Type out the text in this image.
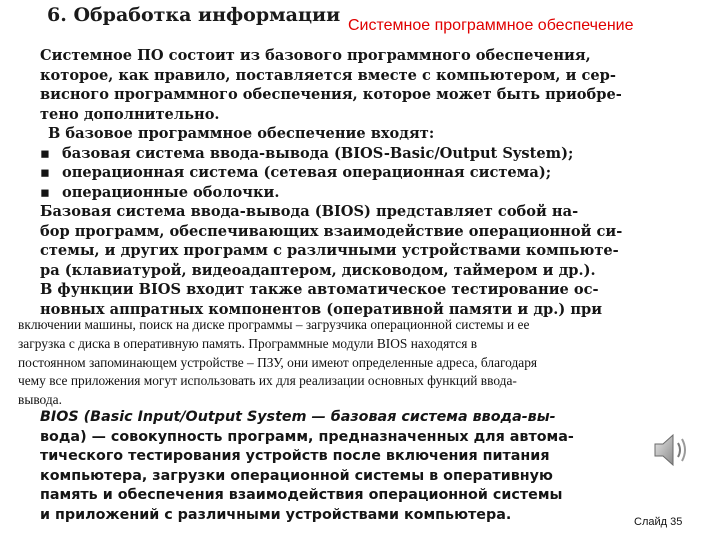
6. Обработка информации Системное программное обеспечение
Системное ПО состоит из базового программного обеспечения,
которое, как правило, поставляется вместе с компьютером, и сер-
висного программного обеспечения, которое может быть приобре-
тено дополнительно.
В базовое программное обеспечение входят:
▪ базовая система ввода-вывода (BIOS-Basic/Output System);
▪ операционная система (сетевая операционная система);
▪ операционные оболочки.
Базовая система ввода-вывода (BIOS) представляет собой на-
бор программ, обеспечивающих взаимодействие операционной си-
стемы, и других программ с различными устройствами компьюте-
ра (клавиатурой, видеоадаптером, дисководом, таймером и др.).
В функции BIOS входит также автоматическое тестирование ос-
новных аппратных компонентов (оперативной памяти и др.) при
включении машины, поиск на диске программы – загрузчика операционной системы и ее
загрузка с диска в оперативную память. Программные модули BIOS находятся в
постоянном запоминающем устройстве – ПЗУ, они имеют определенные адреса, благодаря
чему все приложения могут использовать их для реализации основных функций ввода-
вывода.
BIOS (Basic Input/Output System — базовая система ввода-вы-
вода) — совокупность программ, предназначенных для автома-
тического тестирования устройств после включения питания
компьютера, загрузки операционной системы в оперативную
память и обеспечения взаимодействия операционной системы
и приложений с различными устройствами компьютера.	Слайд 35
